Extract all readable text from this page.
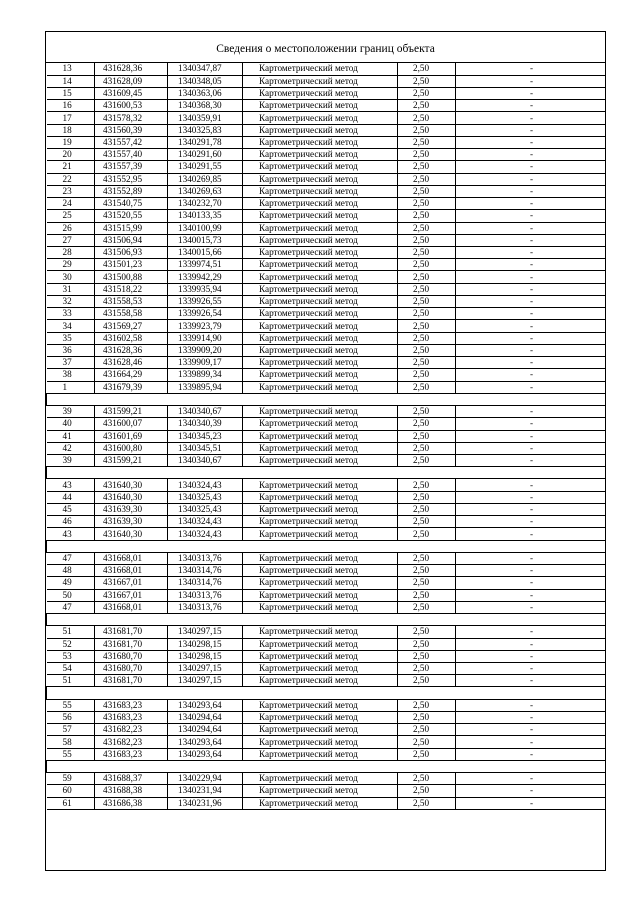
Сведения о местоположении границ объекта
13	431628,36	1340347,87	Картометрический метод	2,50	-
14	431628,09	1340348,05	Картометрический метод	2,50	-
15	431609,45	1340363,06	Картометрический метод	2,50	-
16	431600,53	1340368,30	Картометрический метод	2,50	-
17	431578,32	1340359,91	Картометрический метод	2,50	-
18	431560,39	1340325,83	Картометрический метод	2,50	-
19	431557,42	1340291,78	Картометрический метод	2,50	-
20	431557,40	1340291,60	Картометрический метод	2,50	-
21	431557,39	1340291,55	Картометрический метод	2,50	-
22	431552,95	1340269,85	Картометрический метод	2,50	-
23	431552,89	1340269,63	Картометрический метод	2,50	-
24	431540,75	1340232,70	Картометрический метод	2,50	-
25	431520,55	1340133,35	Картометрический метод	2,50	-
26	431515,99	1340100,99	Картометрический метод	2,50	-
27	431506,94	1340015,73	Картометрический метод	2,50	-
28	431506,93	1340015,66	Картометрический метод	2,50	-
29	431501,23	1339974,51	Картометрический метод	2,50	-
30	431500,88	1339942,29	Картометрический метод	2,50	-
31	431518,22	1339935,94	Картометрический метод	2,50	-
32	431558,53	1339926,55	Картометрический метод	2,50	-
33	431558,58	1339926,54	Картометрический метод	2,50	-
34	431569,27	1339923,79	Картометрический метод	2,50	-
35	431602,58	1339914,90	Картометрический метод	2,50	-
36	431628,36	1339909,20	Картометрический метод	2,50	-
37	431628,46	1339909,17	Картометрический метод	2,50	-
38	431664,29	1339899,34	Картометрический метод	2,50	-
1	431679,39	1339895,94	Картометрический метод	2,50	-

39	431599,21	1340340,67	Картометрический метод	2,50	-
40	431600,07	1340340,39	Картометрический метод	2,50	-
41	431601,69	1340345,23	Картометрический метод	2,50	-
42	431600,80	1340345,51	Картометрический метод	2,50	-
39	431599,21	1340340,67	Картометрический метод	2,50	-

43	431640,30	1340324,43	Картометрический метод	2,50	-
44	431640,30	1340325,43	Картометрический метод	2,50	-
45	431639,30	1340325,43	Картометрический метод	2,50	-
46	431639,30	1340324,43	Картометрический метод	2,50	-
43	431640,30	1340324,43	Картометрический метод	2,50	-

47	431668,01	1340313,76	Картометрический метод	2,50	-
48	431668,01	1340314,76	Картометрический метод	2,50	-
49	431667,01	1340314,76	Картометрический метод	2,50	-
50	431667,01	1340313,76	Картометрический метод	2,50	-
47	431668,01	1340313,76	Картометрический метод	2,50	-

51	431681,70	1340297,15	Картометрический метод	2,50	-
52	431681,70	1340298,15	Картометрический метод	2,50	-
53	431680,70	1340298,15	Картометрический метод	2,50	-
54	431680,70	1340297,15	Картометрический метод	2,50	-
51	431681,70	1340297,15	Картометрический метод	2,50	-

55	431683,23	1340293,64	Картометрический метод	2,50	-
56	431683,23	1340294,64	Картометрический метод	2,50	-
57	431682,23	1340294,64	Картометрический метод	2,50	-
58	431682,23	1340293,64	Картометрический метод	2,50	-
55	431683,23	1340293,64	Картометрический метод	2,50	-

59	431688,37	1340229,94	Картометрический метод	2,50	-
60	431688,38	1340231,94	Картометрический метод	2,50	-
61	431686,38	1340231,96	Картометрический метод	2,50	-
